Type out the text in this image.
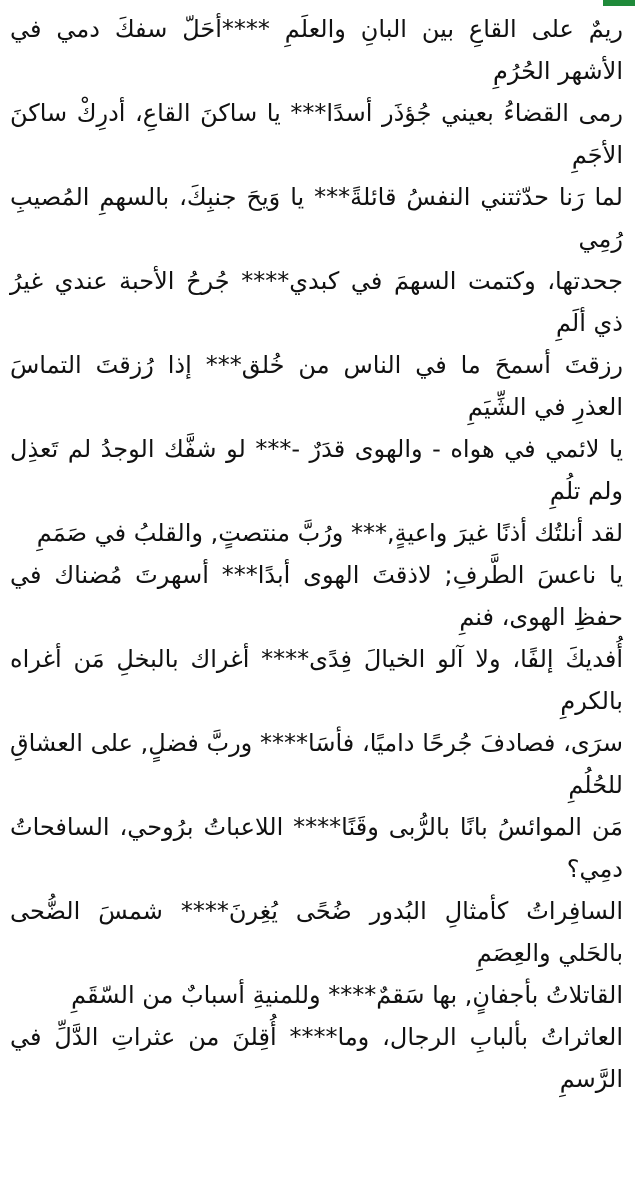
ريمٌ على القاعِ بين البانِ والعلَمِ ****أحَلّ سفكَ دمي في الأشهر الحُرُمِ

رمى القضاءُ بعيني جُؤذَر أسدًا*** يا ساكنَ القاعِ، أدرِكْ ساكنَ الأجَمِ

لما رَنا حدّثتني النفسُ قائلةً*** يا وَيحَ جنبِكَ، بالسهمِ المُصيبِ رُمِي

جحدتها، وكتمت السهمَ في كبدي**** جُرحُ الأحبة عندي غيرُ ذي ألَمِ

رزقتَ أسمحَ ما في الناس من خُلق*** إذا رُزقتَ التماسَ العذرِ في الشِّيَمِ

يا لائمي في هواه - والهوى قدَرٌ -*** لو شفَّك الوجدُ لم تَعذِل ولم تلُمِ

لقد أنلتُك أذنًا غيرَ واعيةٍ,*** ورُبَّ منتصتٍ, والقلبُ في صَمَمِ

يا ناعسَ الطَّرفِ; لاذقتَ الهوى أبدًا*** أسهرتَ مُضناك في حفظِ الهوى، فنمِ

أُفديكَ إلفًا، ولا آلو الخيالَ فِدًى**** أغراك بالبخلِ مَن أغراه بالكرمِ

سرَى، فصادفَ جُرحًا داميًا، فأسَا**** وربَّ فضلٍ, على العشاقِ للحُلُمِ

مَن الموائسُ بانًا بالرُّبى وقَنًا**** اللاعباتُ برُوحي، السافحاتُ دمِي؟

السافِراتُ كأمثالِ البُدور ضُحًى يُغِرنَ**** شمسَ الضُّحى بالحَلي والعِصَمِ

القاتلاتُ بأجفانٍ, بها سَقمٌ**** وللمنيةِ أسبابٌ من السّقَمِ

العاثراتُ بألبابِ الرجال، وما**** أُقِلنَ من عثراتِ الدَّلِّ في الرَّسمِ
